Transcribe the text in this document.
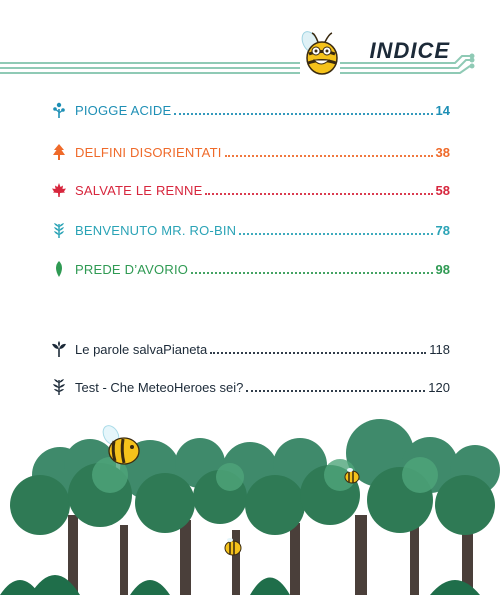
INDICE
PIOGGE ACIDE	14
DELFINI DISORIENTATI	38
SALVATE LE RENNE	58
BENVENUTO MR. RO-BIN	78
PREDE D’AVORIO	98
Le parole salvaPianeta	118
Test - Che MeteoHeroes sei?	120
